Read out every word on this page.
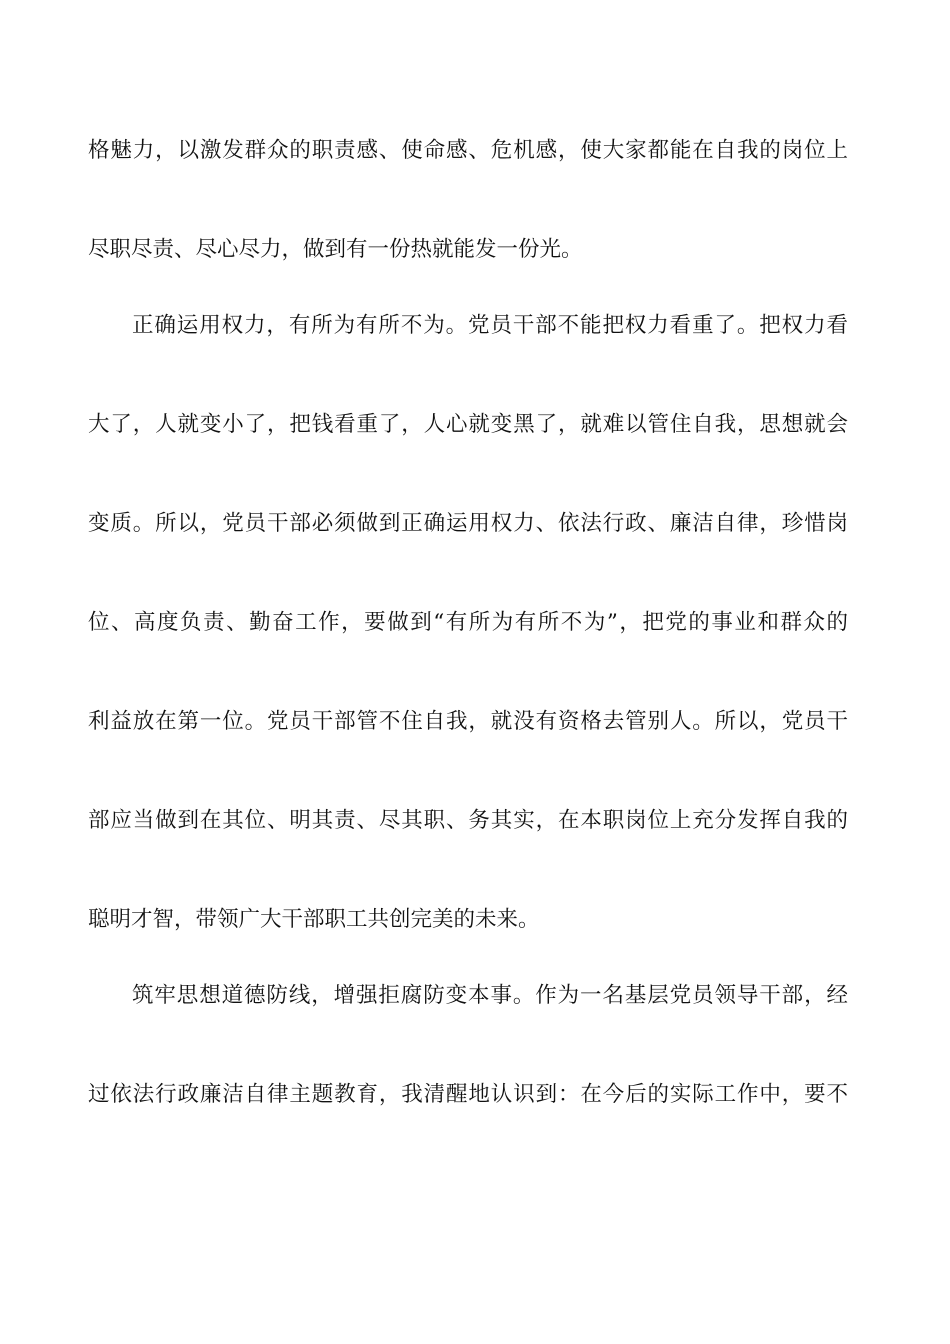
格魅力，以激发群众的职责感、使命感、危机感，使大家都能在自我的岗位上
尽职尽责、尽心尽力，做到有一份热就能发一份光。
正确运用权力，有所为有所不为。党员干部不能把权力看重了。把权力看
大了，人就变小了，把钱看重了，人心就变黑了，就难以管住自我，思想就会
变质。所以，党员干部必须做到正确运用权力、依法行政、廉洁自律，珍惜岗
位、高度负责、勤奋工作，要做到“有所为有所不为”，把党的事业和群众的
利益放在第一位。党员干部管不住自我，就没有资格去管别人。所以，党员干
部应当做到在其位、明其责、尽其职、务其实，在本职岗位上充分发挥自我的
聪明才智，带领广大干部职工共创完美的未来。
筑牢思想道德防线，增强拒腐防变本事。作为一名基层党员领导干部，经
过依法行政廉洁自律主题教育，我清醒地认识到：在今后的实际工作中，要不
